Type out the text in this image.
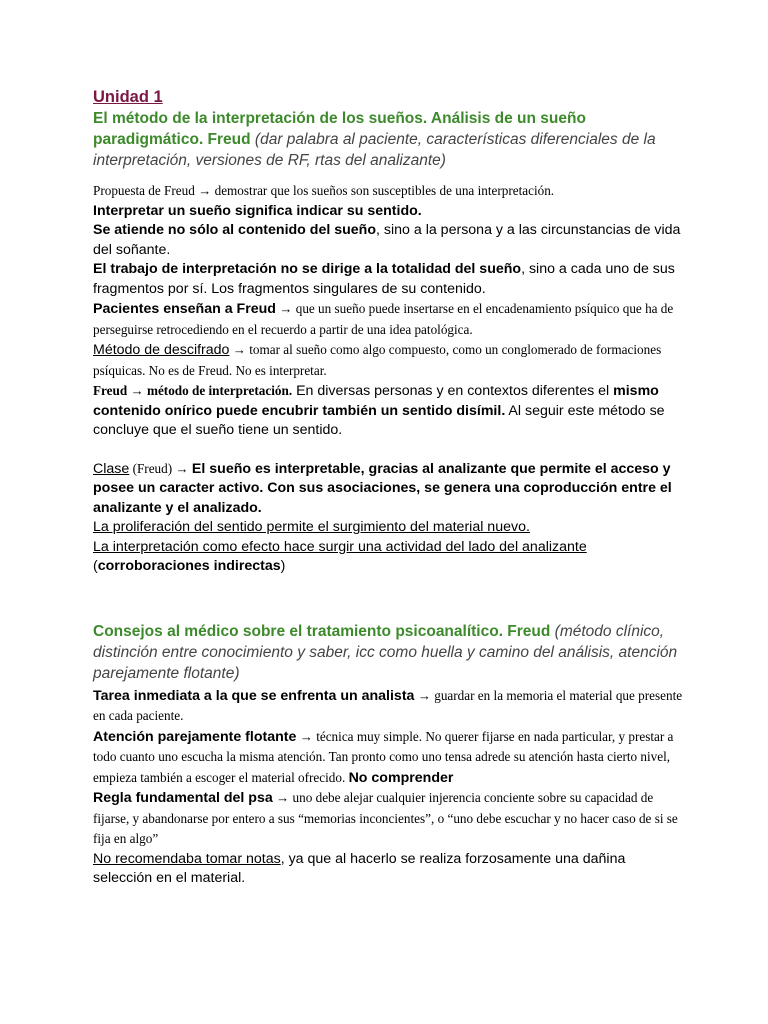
Unidad 1
El método de la interpretación de los sueños. Análisis de un sueño paradigmático. Freud (dar palabra al paciente, características diferenciales de la interpretación, versiones de RF, rtas del analizante)

Propuesta de Freud → demostrar que los sueños son susceptibles de una interpretación.

Interpretar un sueño significa indicar su sentido.

Se atiende no sólo al contenido del sueño, sino a la persona y a las circunstancias de vida del soñante.

El trabajo de interpretación no se dirige a la totalidad del sueño, sino a cada uno de sus fragmentos por sí. Los fragmentos singulares de su contenido.

Pacientes enseñan a Freud → que un sueño puede insertarse en el encadenamiento psíquico que ha de perseguirse retrocediendo en el recuerdo a partir de una idea patológica.

Método de descifrado → tomar al sueño como algo compuesto, como un conglomerado de formaciones psíquicas. No es de Freud. No es interpretar.

Freud → método de interpretación. En diversas personas y en contextos diferentes el mismo contenido onírico puede encubrir también un sentido disímil. Al seguir este método se concluye que el sueño tiene un sentido.

Clase (Freud) → El sueño es interpretable, gracias al analizante que permite el acceso y posee un caracter activo. Con sus asociaciones, se genera una coproducción entre el analizante y el analizado.

La proliferación del sentido permite el surgimiento del material nuevo.

La interpretación como efecto hace surgir una actividad del lado del analizante

(corroboraciones indirectas)

Consejos al médico sobre el tratamiento psicoanalítico. Freud (método clínico, distinción entre conocimiento y saber, icc como huella y camino del análisis, atención parejamente flotante)

Tarea inmediata a la que se enfrenta un analista → guardar en la memoria el material que presente en cada paciente.

Atención parejamente flotante → técnica muy simple. No querer fijarse en nada particular, y prestar a todo cuanto uno escucha la misma atención. Tan pronto como uno tensa adrede su atención hasta cierto nivel, empieza también a escoger el material ofrecido. No comprender

Regla fundamental del psa → uno debe alejar cualquier injerencia conciente sobre su capacidad de fijarse, y abandonarse por entero a sus “memorias inconcientes”, o “uno debe escuchar y no hacer caso de si se fija en algo”

No recomendaba tomar notas, ya que al hacerlo se realiza forzosamente una dañina selección en el material.
